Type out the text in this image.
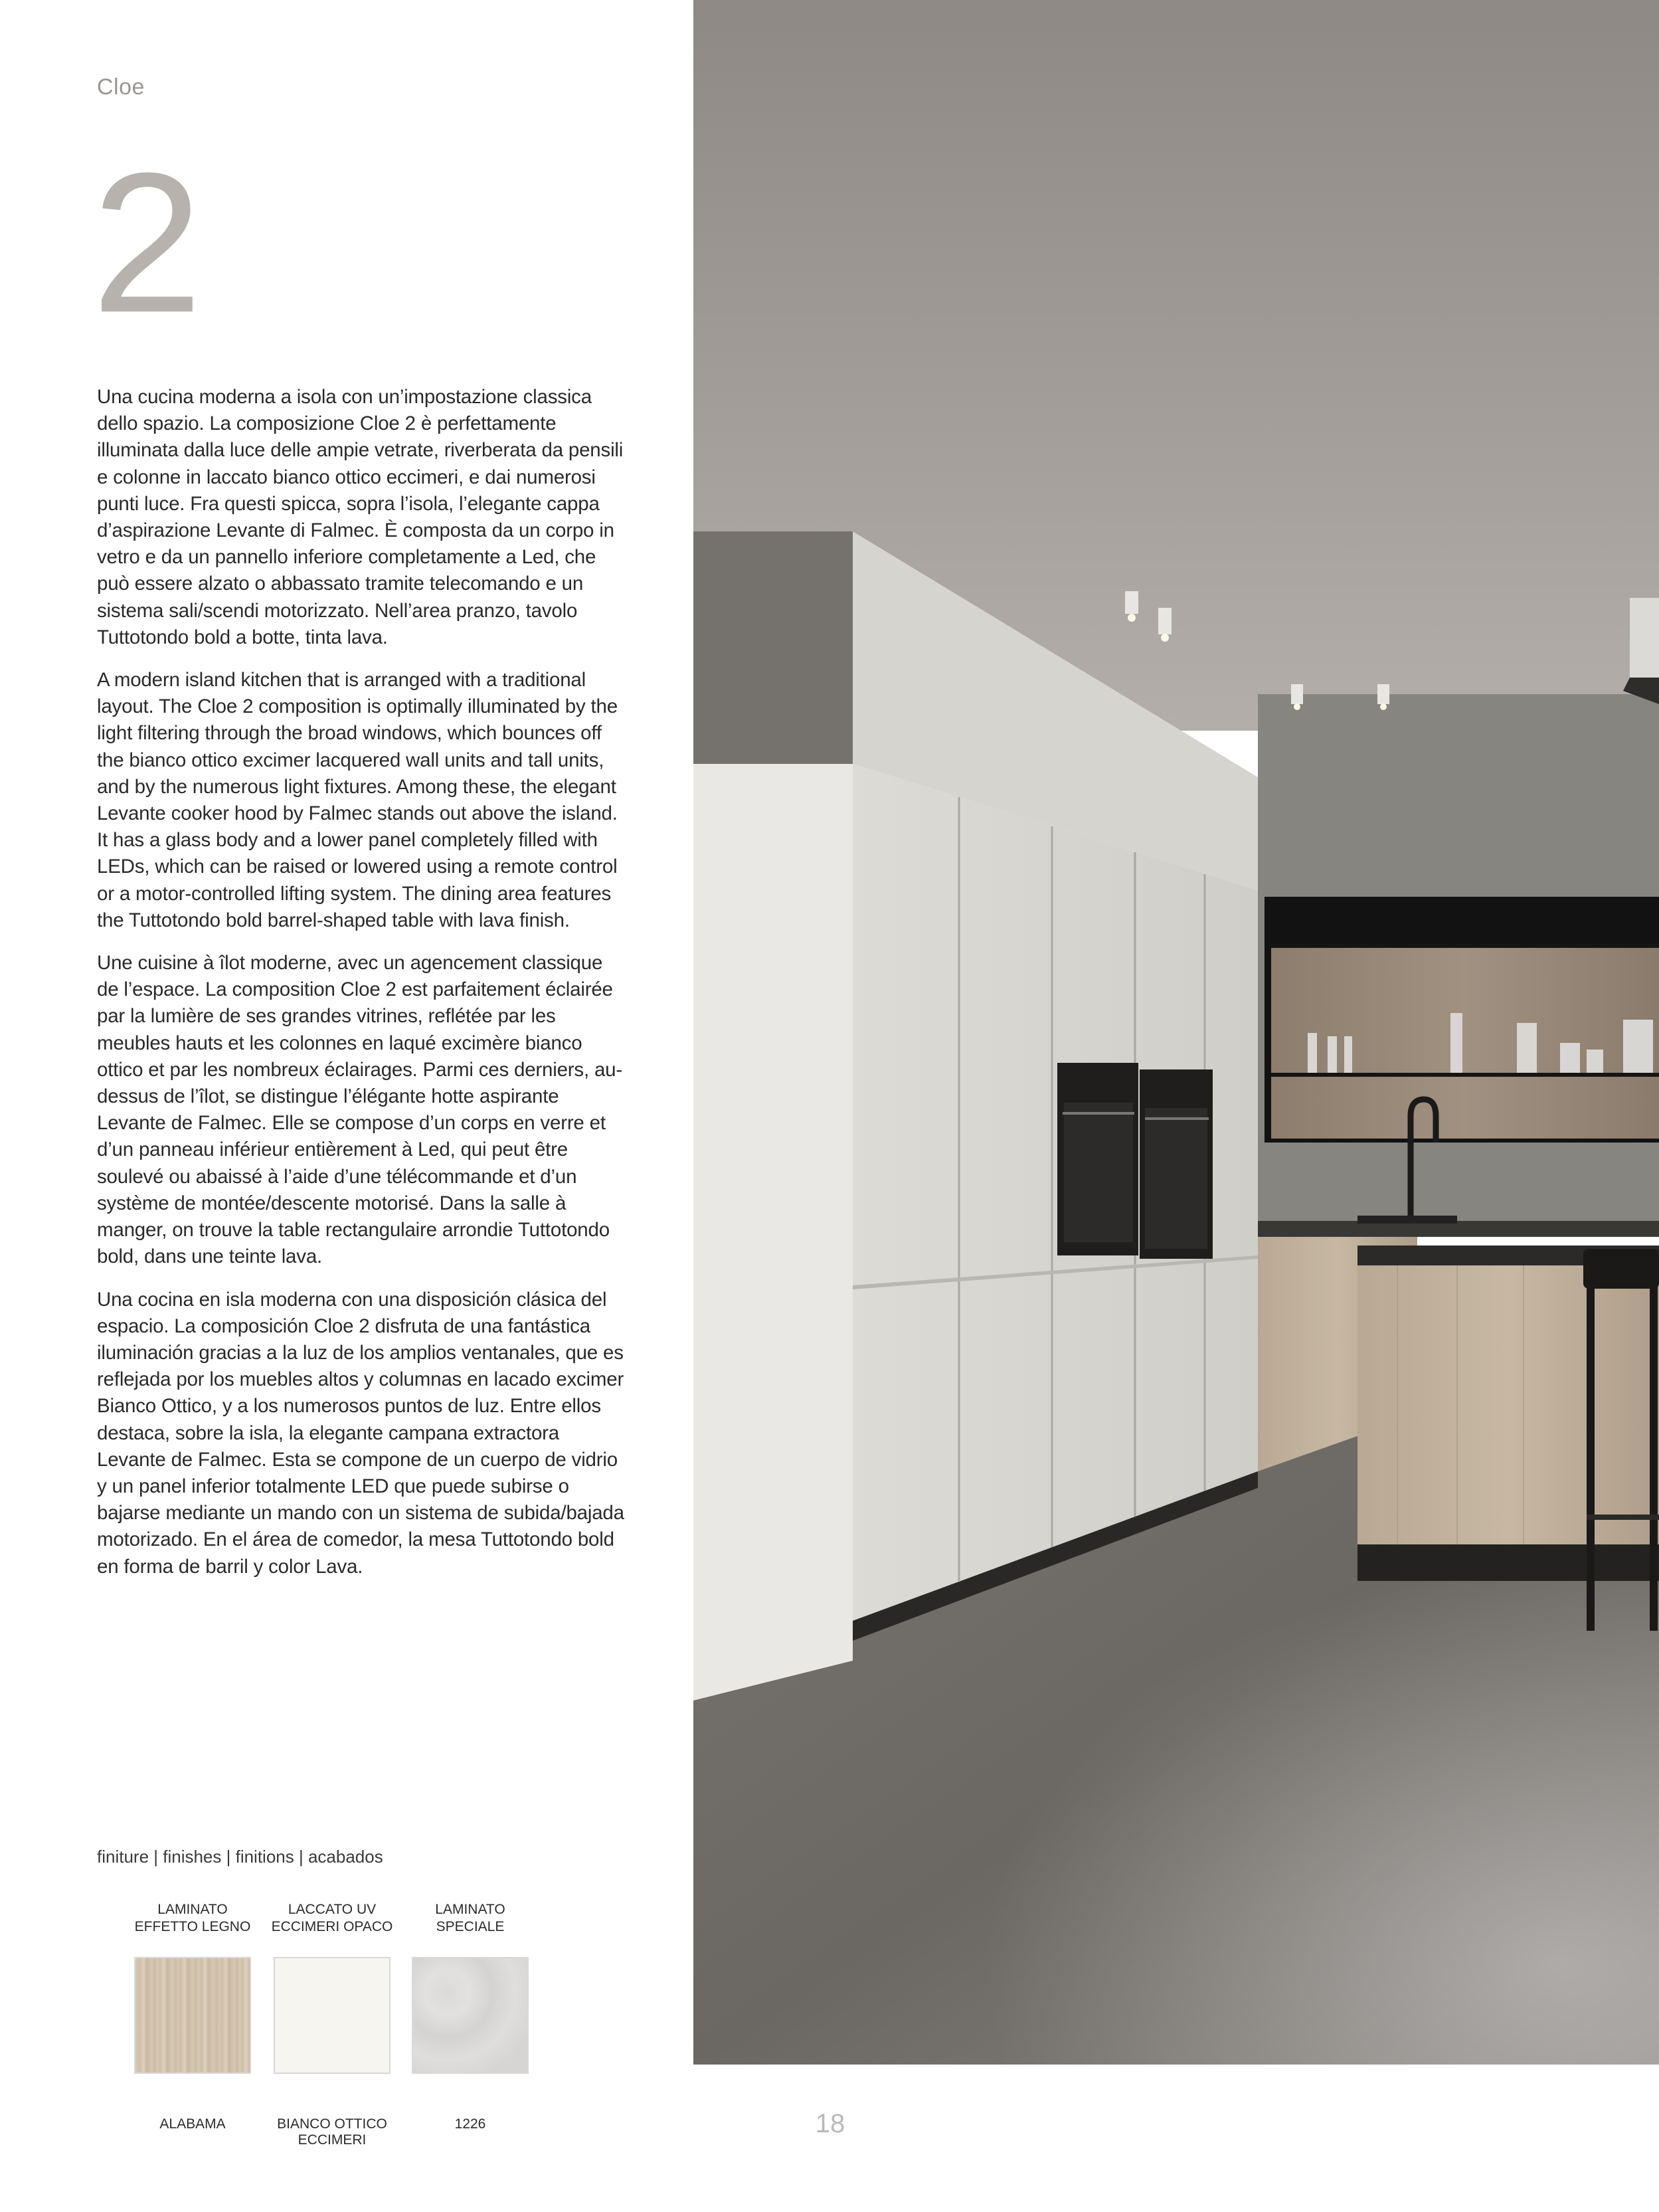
Cloe
2

Una cucina moderna a isola con un’impostazione classica dello spazio. La composizione Cloe 2 è perfettamente illuminata dalla luce delle ampie vetrate, riverberata da pensili e colonne in laccato bianco ottico eccimeri, e dai numerosi punti luce. Fra questi spicca, sopra l’isola, l’elegante cappa d’aspirazione Levante di Falmec. È composta da un corpo in vetro e da un pannello inferiore completamente a Led, che può essere alzato o abbassato tramite telecomando e un sistema sali/scendi motorizzato. Nell’area pranzo, tavolo Tuttotondo bold a botte, tinta lava.

A modern island kitchen that is arranged with a traditional layout. The Cloe 2 composition is optimally illuminated by the light filtering through the broad windows, which bounces off the bianco ottico excimer lacquered wall units and tall units, and by the numerous light fixtures. Among these, the elegant Levante cooker hood by Falmec stands out above the island. It has a glass body and a lower panel completely filled with LEDs, which can be raised or lowered using a remote control or a motor-controlled lifting system. The dining area features the Tuttotondo bold barrel-shaped table with lava finish.

Une cuisine à îlot moderne, avec un agencement classique de l’espace. La composition Cloe 2 est parfaitement éclairée par la lumière de ses grandes vitrines, reflétée par les meubles hauts et les colonnes en laqué excimère bianco ottico et par les nombreux éclairages. Parmi ces derniers, au-dessus de l’îlot, se distingue l’élégante hotte aspirante Levante de Falmec. Elle se compose d’un corps en verre et d’un panneau inférieur entièrement à Led, qui peut être soulevé ou abaissé à l’aide d’une télécommande et d’un système de montée/descente motorisé. Dans la salle à manger, on trouve la table rectangulaire arrondie Tuttotondo bold, dans une teinte lava.

Una cocina en isla moderna con una disposición clásica del espacio. La composición Cloe 2 disfruta de una fantástica iluminación gracias a la luz de los amplios ventanales, que es reflejada por los muebles altos y columnas en lacado excimer Bianco Ottico, y a los numerosos puntos de luz. Entre ellos destaca, sobre la isla, la elegante campana extractora Levante de Falmec. Esta se compone de un cuerpo de vidrio y un panel inferior totalmente LED que puede subirse o bajarse mediante un mando con un sistema de subida/bajada motorizado. En el área de comedor, la mesa Tuttotondo bold en forma de barril y color Lava.

finiture | finishes | finitions | acabados
LAMINATO
EFFETTO LEGNO
ALABAMA
LACCATO UV
ECCIMERI OPACO
BIANCO OTTICO
ECCIMERI
LAMINATO
SPECIALE
1226	18
